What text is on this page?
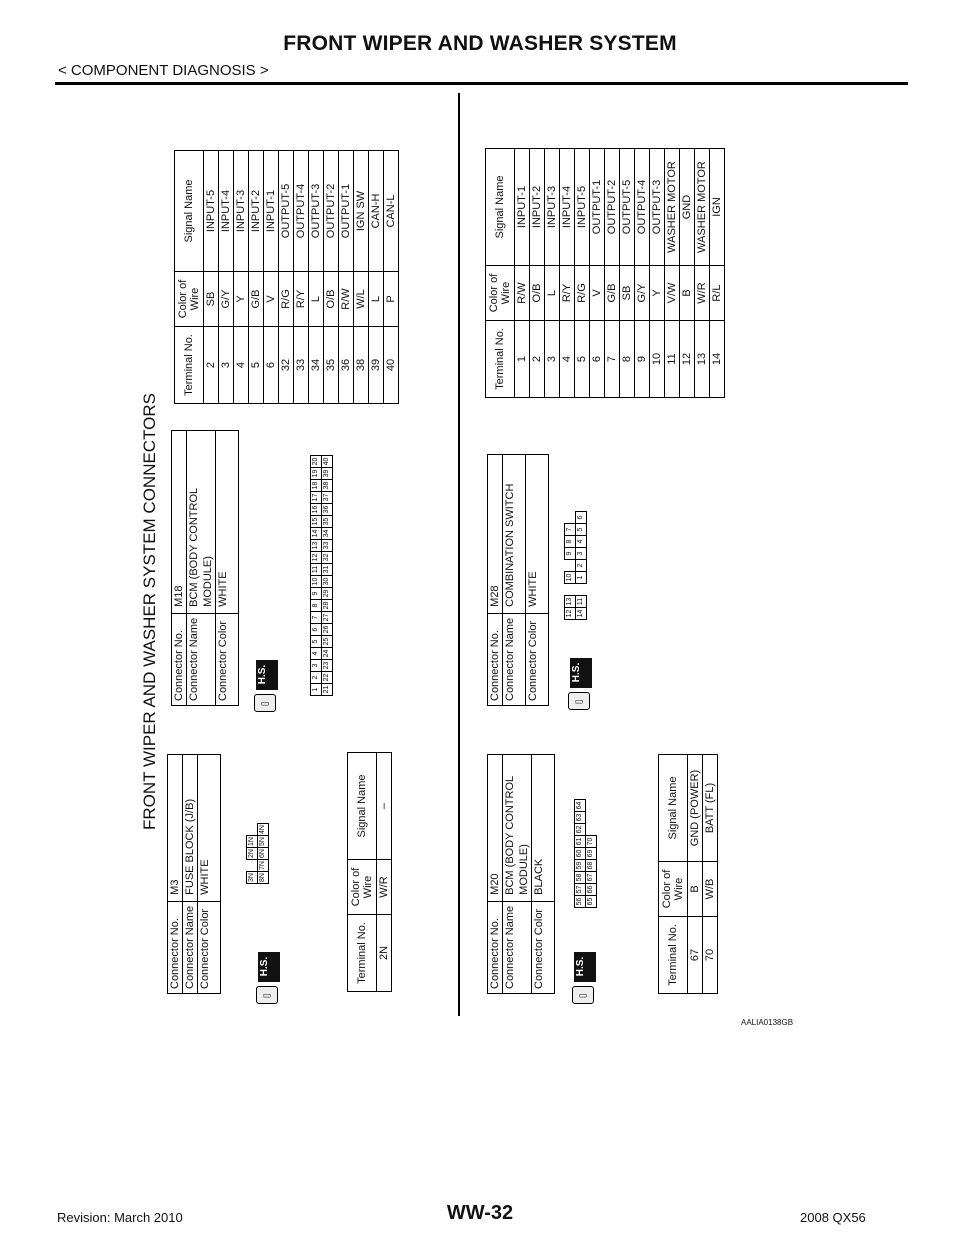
FRONT WIPER AND WASHER SYSTEM
< COMPONENT DIAGNOSIS >
FRONT WIPER AND WASHER SYSTEM CONNECTORS
Connector No.	M3
Connector Name	FUSE BLOCK (J/B)
Connector Color	WHITE
H.S.
▭
3N		2N	1N	
8N	7N	6N	5N	4N
Terminal No.	Color of Wire	Signal Name
2N	W/R	–
Connector No.	M18
Connector Name	BCM (BODY CONTROL MODULE)
Connector Color	WHITE
H.S.
▭
1	2	3	4	5	6	7	8	9	10	11	12	13	14	15	16	17	18	19	20
21	22	23	24	25	26	27	28	29	30	31	32	33	34	35	36	37	38	39	40
Terminal No.	Color of Wire	Signal Name
2	SB	INPUT-5
3	G/Y	INPUT-4
4	Y	INPUT-3
5	G/B	INPUT-2
6	V	INPUT-1
32	R/G	OUTPUT-5
33	R/Y	OUTPUT-4
34	L	OUTPUT-3
35	O/B	OUTPUT-2
36	R/W	OUTPUT-1
38	W/L	IGN SW
39	L	CAN-H
40	P	CAN-L
Connector No.	M20
Connector Name	BCM (BODY CONTROL MODULE)
Connector Color	BLACK
H.S.
▭
56	57	58	59	60	61	62	63	64
65	66	67	68	69	70			
Terminal No.	Color of Wire	Signal Name
67	B	GND (POWER)
70	W/B	BATT (FL)
Connector No.	M28
Connector Name	COMBINATION SWITCH
Connector Color	WHITE
H.S.
▭
12	13		10		9	8	7	
14	11		1	2	3	4	5	6
Terminal No.	Color of Wire	Signal Name
1	R/W	INPUT-1
2	O/B	INPUT-2
3	L	INPUT-3
4	R/Y	INPUT-4
5	R/G	INPUT-5
6	V	OUTPUT-1
7	G/B	OUTPUT-2
8	SB	OUTPUT-5
9	G/Y	OUTPUT-4
10	Y	OUTPUT-3
11	V/W	WASHER MOTOR
12	B	GND
13	W/R	WASHER MOTOR
14	R/L	IGN
AALIA0138GB
WW-32
Revision: March 2010	2008 QX56
